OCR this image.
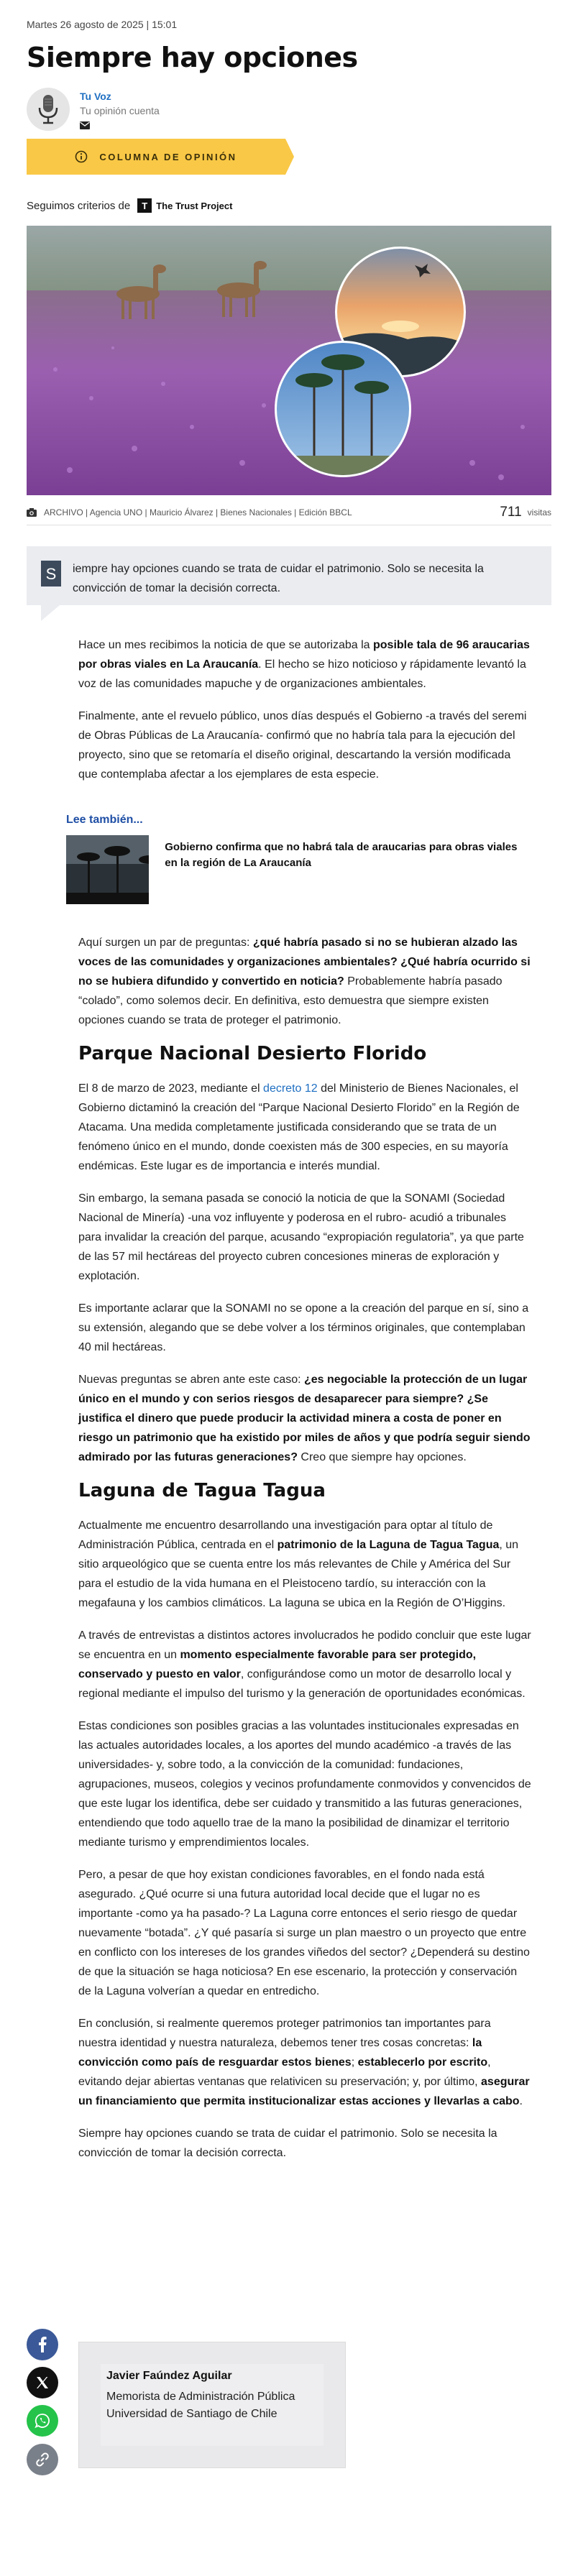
Martes 26 agosto de 2025 | 15:01
Siempre hay opciones
Tu Voz
Tu opinión cuenta
COLUMNA DE OPINIÓN
Seguimos criterios de	T The Trust Project
ARCHIVO | Agencia UNO | Mauricio Álvarez | Bienes Nacionales | Edición BBCL	711 visitas
S	iempre hay opciones cuando se trata de cuidar el patrimonio. Solo se necesita la convicción de tomar la decisión correcta.

Hace un mes recibimos la noticia de que se autorizaba la posible tala de 96 araucarias por obras viales en La Araucanía. El hecho se hizo noticioso y rápidamente levantó la voz de las comunidades mapuche y de organizaciones ambientales.

Finalmente, ante el revuelo público, unos días después el Gobierno -a través del seremi de Obras Públicas de La Araucanía- confirmó que no habría tala para la ejecución del proyecto, sino que se retomaría el diseño original, descartando la versión modificada que contemplaba afectar a los ejemplares de esta especie.

Lee también...
Gobierno confirma que no habrá tala de araucarias para obras viales en la región de La Araucanía

Aquí surgen un par de preguntas: ¿qué habría pasado si no se hubieran alzado las voces de las comunidades y organizaciones ambientales? ¿Qué habría ocurrido si no se hubiera difundido y convertido en noticia? Probablemente habría pasado “colado”, como solemos decir. En definitiva, esto demuestra que siempre existen opciones cuando se trata de proteger el patrimonio.

Parque Nacional Desierto Florido

El 8 de marzo de 2023, mediante el decreto 12 del Ministerio de Bienes Nacionales, el Gobierno dictaminó la creación del “Parque Nacional Desierto Florido” en la Región de Atacama. Una medida completamente justificada considerando que se trata de un fenómeno único en el mundo, donde coexisten más de 300 especies, en su mayoría endémicas. Este lugar es de importancia e interés mundial.

Sin embargo, la semana pasada se conoció la noticia de que la SONAMI (Sociedad Nacional de Minería) -una voz influyente y poderosa en el rubro- acudió a tribunales para invalidar la creación del parque, acusando “expropiación regulatoria”, ya que parte de las 57 mil hectáreas del proyecto cubren concesiones mineras de exploración y explotación.

Es importante aclarar que la SONAMI no se opone a la creación del parque en sí, sino a su extensión, alegando que se debe volver a los términos originales, que contemplaban 40 mil hectáreas.

Nuevas preguntas se abren ante este caso: ¿es negociable la protección de un lugar único en el mundo y con serios riesgos de desaparecer para siempre? ¿Se justifica el dinero que puede producir la actividad minera a costa de poner en riesgo un patrimonio que ha existido por miles de años y que podría seguir siendo admirado por las futuras generaciones? Creo que siempre hay opciones.

Laguna de Tagua Tagua

Actualmente me encuentro desarrollando una investigación para optar al título de Administración Pública, centrada en el patrimonio de la Laguna de Tagua Tagua, un sitio arqueológico que se cuenta entre los más relevantes de Chile y América del Sur para el estudio de la vida humana en el Pleistoceno tardío, su interacción con la megafauna y los cambios climáticos. La laguna se ubica en la Región de O’Higgins.

A través de entrevistas a distintos actores involucrados he podido concluir que este lugar se encuentra en un momento especialmente favorable para ser protegido, conservado y puesto en valor, configurándose como un motor de desarrollo local y regional mediante el impulso del turismo y la generación de oportunidades económicas.

Estas condiciones son posibles gracias a las voluntades institucionales expresadas en las actuales autoridades locales, a los aportes del mundo académico -a través de las universidades- y, sobre todo, a la convicción de la comunidad: fundaciones, agrupaciones, museos, colegios y vecinos profundamente conmovidos y convencidos de que este lugar los identifica, debe ser cuidado y transmitido a las futuras generaciones, entendiendo que todo aquello trae de la mano la posibilidad de dinamizar el territorio mediante turismo y emprendimientos locales.

Pero, a pesar de que hoy existan condiciones favorables, en el fondo nada está asegurado. ¿Qué ocurre si una futura autoridad local decide que el lugar no es importante -como ya ha pasado-? La Laguna corre entonces el serio riesgo de quedar nuevamente “botada”. ¿Y qué pasaría si surge un plan maestro o un proyecto que entre en conflicto con los intereses de los grandes viñedos del sector? ¿Dependerá su destino de que la situación se haga noticiosa? En ese escenario, la protección y conservación de la Laguna volverían a quedar en entredicho.

En conclusión, si realmente queremos proteger patrimonios tan importantes para nuestra identidad y nuestra naturaleza, debemos tener tres cosas concretas: la convicción como país de resguardar estos bienes; establecerlo por escrito, evitando dejar abiertas ventanas que relativicen su preservación; y, por último, asegurar un financiamiento que permita institucionalizar estas acciones y llevarlas a cabo.

Siempre hay opciones cuando se trata de cuidar el patrimonio. Solo se necesita la convicción de tomar la decisión correcta.

Javier Faúndez Aguilar
Memorista de Administración Pública
Universidad de Santiago de Chile
